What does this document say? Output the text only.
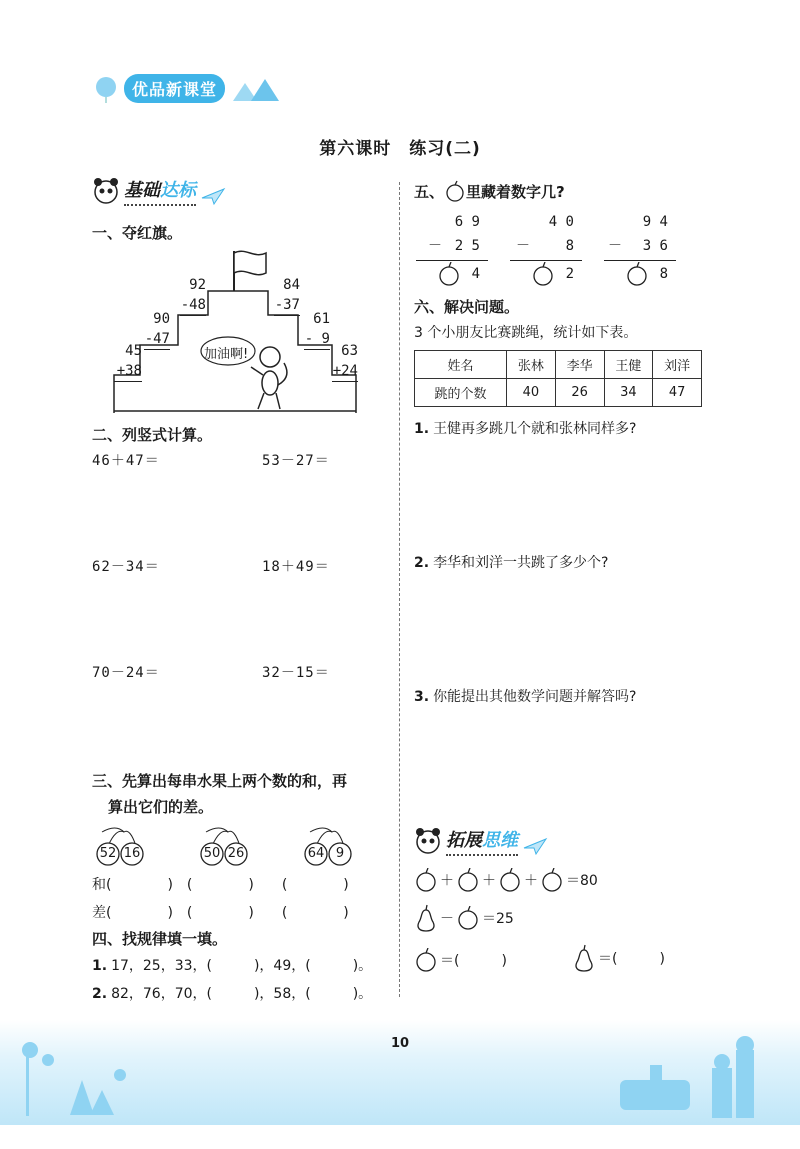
优品新课堂
第六课时　练习(二)
基础达标
一、夺红旗。
92
-48
90
-47
45
+38
84
-37
61
- 9
63
+24
加油啊!
二、列竖式计算。
46＋47＝	53－27＝
62－34＝	18＋49＝
70－24＝	32－15＝
三、先算出每串水果上两个数的和，再
算出它们的差。
52 16	50 26	64 9
和(　　　　)　(　　　　)　　(　　　　)
差(　　　　)　(　　　　)　　(　　　　)
四、找规律填一填。
1. 17，25，33，(　　　)，49，(　　　)。
2. 82，76，70，(　　　)，58，(　　　)。
五、 里藏着数字几?
6 9
－ 2 5
4
4 0
－	8
2
9 4
－ 3 6
8
六、解决问题。
3 个小朋友比赛跳绳，统计如下表。
姓名	张林	李华	王健	刘洋
跳的个数	40	26	34	47
1. 王健再多跳几个就和张林同样多?
2. 李华和刘洋一共跳了多少个?
3. 你能提出其他数学问题并解答吗?
拓展思维
＋ ＋ ＋ ＝80
－ ＝25
＝(　　　)	＝(　　　)
10
